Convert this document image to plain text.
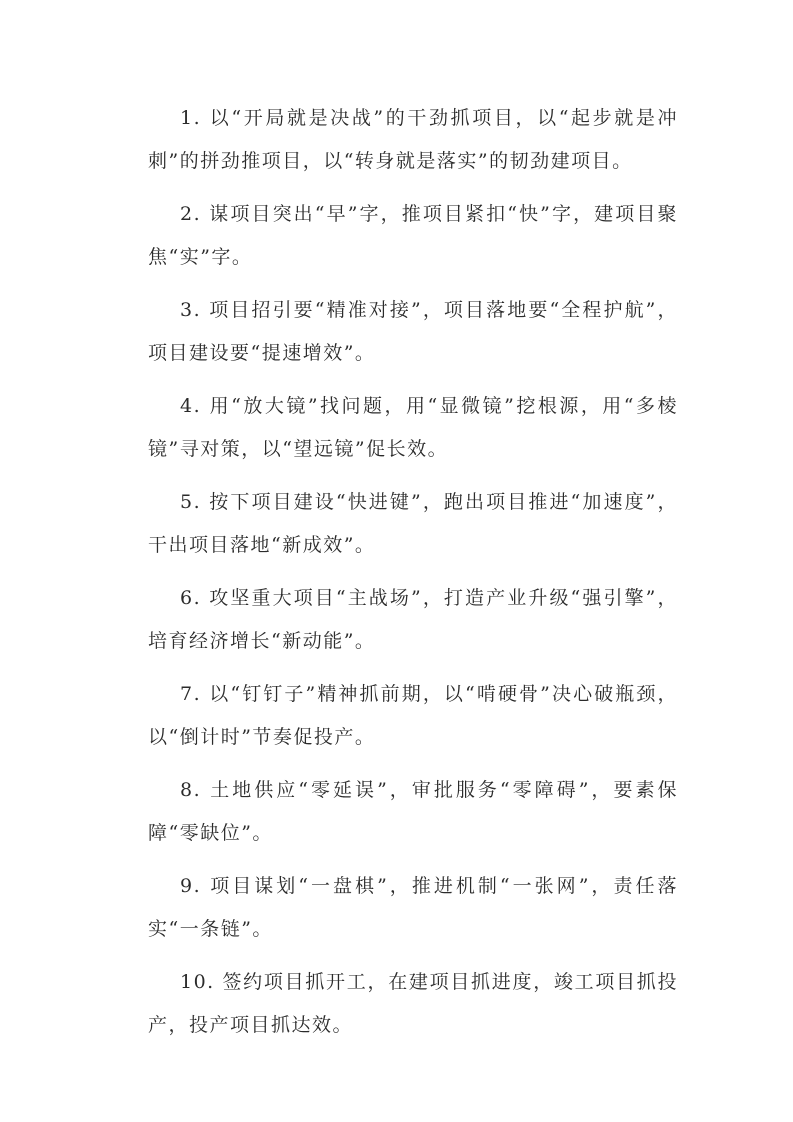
1. 以“开局就是决战”的干劲抓项目，以“起步就是冲刺”的拼劲推项目，以“转身就是落实”的韧劲建项目。

2. 谋项目突出“早”字，推项目紧扣“快”字，建项目聚焦“实”字。

3. 项目招引要“精准对接”，项目落地要“全程护航”，项目建设要“提速增效”。

4. 用“放大镜”找问题，用“显微镜”挖根源，用“多棱镜”寻对策，以“望远镜”促长效。

5. 按下项目建设“快进键”，跑出项目推进“加速度”，干出项目落地“新成效”。

6. 攻坚重大项目“主战场”，打造产业升级“强引擎”，培育经济增长“新动能”。

7. 以“钉钉子”精神抓前期，以“啃硬骨”决心破瓶颈，以“倒计时”节奏促投产。

8. 土地供应“零延误”，审批服务“零障碍”，要素保障“零缺位”。

9. 项目谋划“一盘棋”，推进机制“一张网”，责任落实“一条链”。

10. 签约项目抓开工，在建项目抓进度，竣工项目抓投产，投产项目抓达效。
